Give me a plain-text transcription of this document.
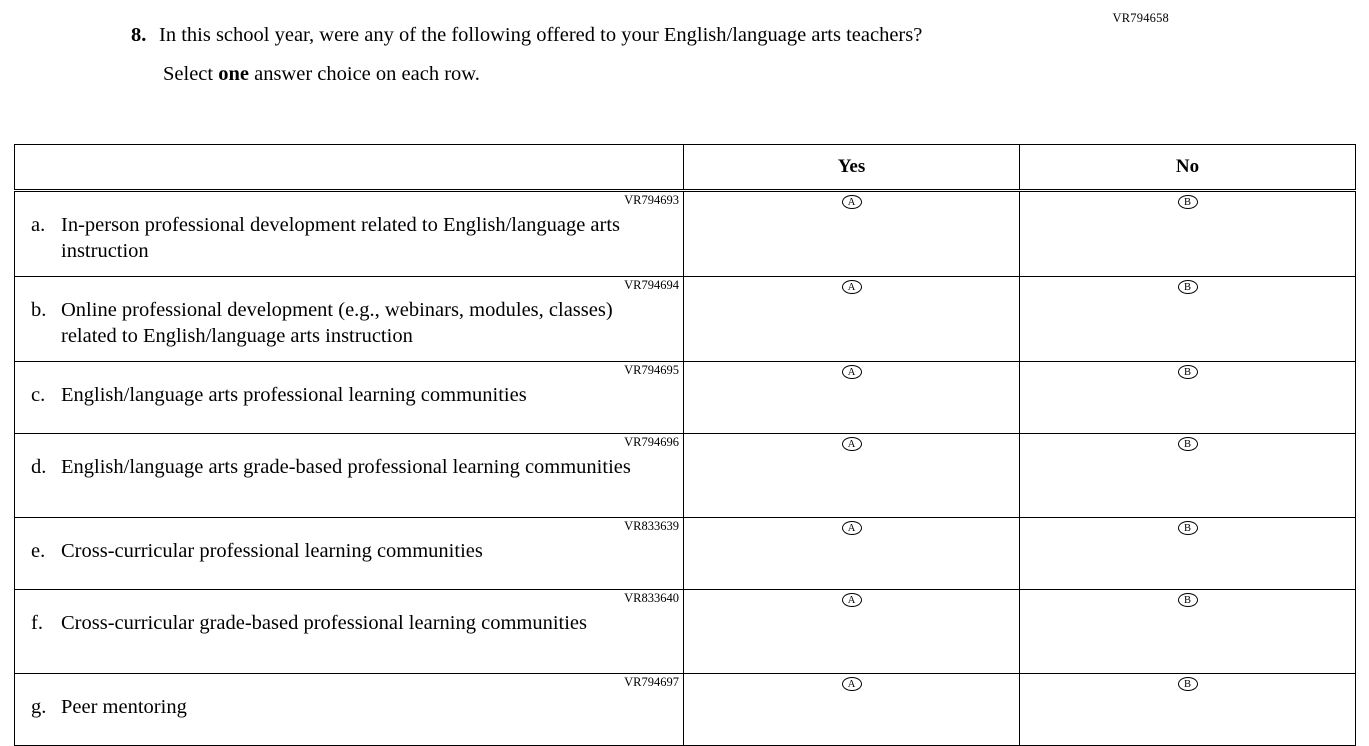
VR794658
8. In this school year, were any of the following offered to your English/language arts teachers?
Select one answer choice on each row.
	Yes	No

VR794693
a. In-person professional development related to English/language arts instruction	A	B

VR794694
b. Online professional development (e.g., webinars, modules, classes) related to English/language arts instruction	A	B

VR794695
c. English/language arts professional learning communities	A	B

VR794696
d. English/language arts grade-based professional learning communities	A	B

VR833639
e. Cross-curricular professional learning communities	A	B

VR833640
f. Cross-curricular grade-based professional learning communities	A	B

VR794697
g. Peer mentoring	A	B
